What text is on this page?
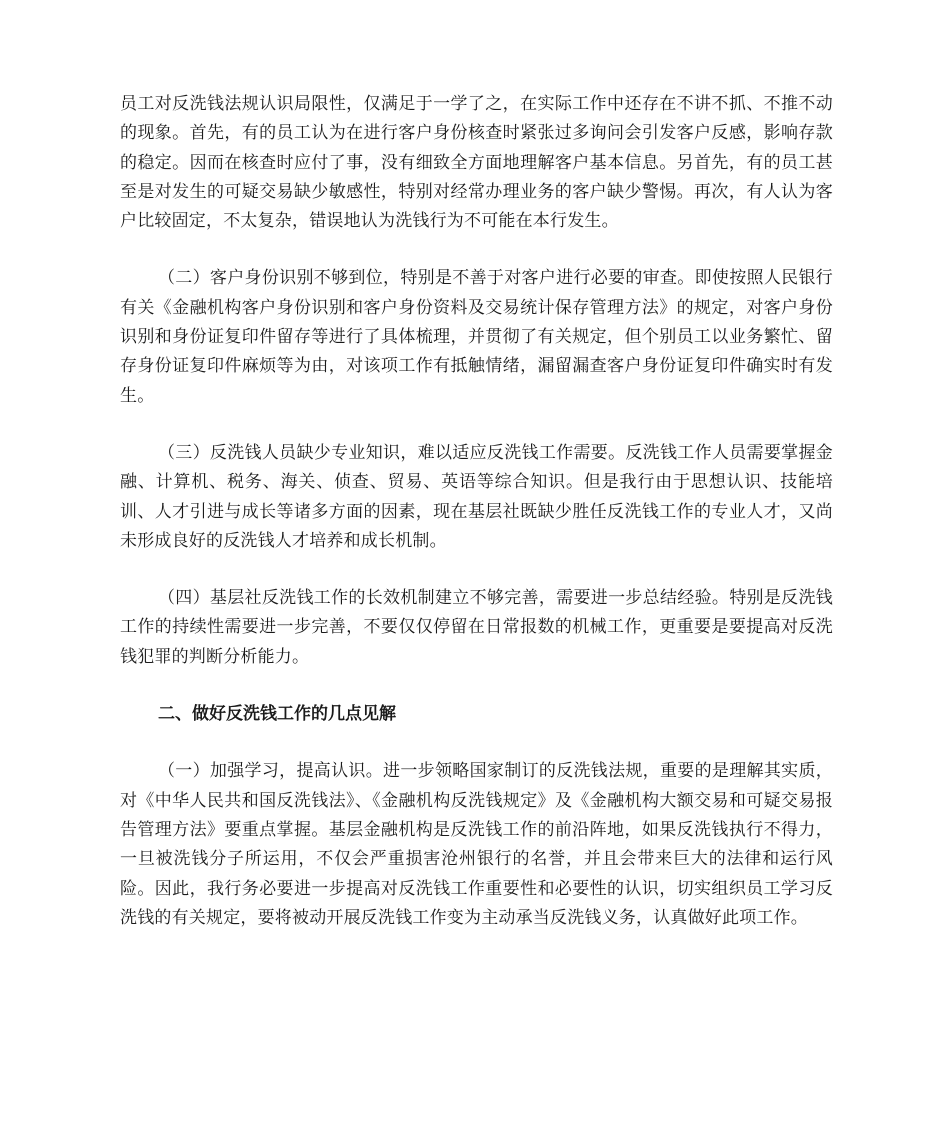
员工对反洗钱法规认识局限性，仅满足于一学了之，在实际工作中还存在不讲不抓、不推不动的现象。首先，有的员工认为在进行客户身份核查时紧张过多询问会引发客户反感，影响存款的稳定。因而在核查时应付了事，没有细致全方面地理解客户基本信息。另首先，有的员工甚至是对发生的可疑交易缺少敏感性，特别对经常办理业务的客户缺少警惕。再次，有人认为客户比较固定，不太复杂，错误地认为洗钱行为不可能在本行发生。

（二）客户身份识别不够到位，特别是不善于对客户进行必要的审查。即使按照人民银行有关《金融机构客户身份识别和客户身份资料及交易统计保存管理方法》的规定，对客户身份识别和身份证复印件留存等进行了具体梳理，并贯彻了有关规定，但个别员工以业务繁忙、留存身份证复印件麻烦等为由，对该项工作有抵触情绪，漏留漏查客户身份证复印件确实时有发生。

（三）反洗钱人员缺少专业知识，难以适应反洗钱工作需要。反洗钱工作人员需要掌握金融、计算机、税务、海关、侦查、贸易、英语等综合知识。但是我行由于思想认识、技能培训、人才引进与成长等诸多方面的因素，现在基层社既缺少胜任反洗钱工作的专业人才，又尚未形成良好的反洗钱人才培养和成长机制。

（四）基层社反洗钱工作的长效机制建立不够完善，需要进一步总结经验。特别是反洗钱工作的持续性需要进一步完善，不要仅仅停留在日常报数的机械工作，更重要是要提高对反洗钱犯罪的判断分析能力。

二、做好反洗钱工作的几点见解

（一）加强学习，提高认识。进一步领略国家制订的反洗钱法规，重要的是理解其实质，对《中华人民共和国反洗钱法》、《金融机构反洗钱规定》及《金融机构大额交易和可疑交易报告管理方法》要重点掌握。基层金融机构是反洗钱工作的前沿阵地，如果反洗钱执行不得力，一旦被洗钱分子所运用，不仅会严重损害沧州银行的名誉，并且会带来巨大的法律和运行风险。因此，我行务必要进一步提高对反洗钱工作重要性和必要性的认识，切实组织员工学习反洗钱的有关规定，要将被动开展反洗钱工作变为主动承当反洗钱义务，认真做好此项工作。
